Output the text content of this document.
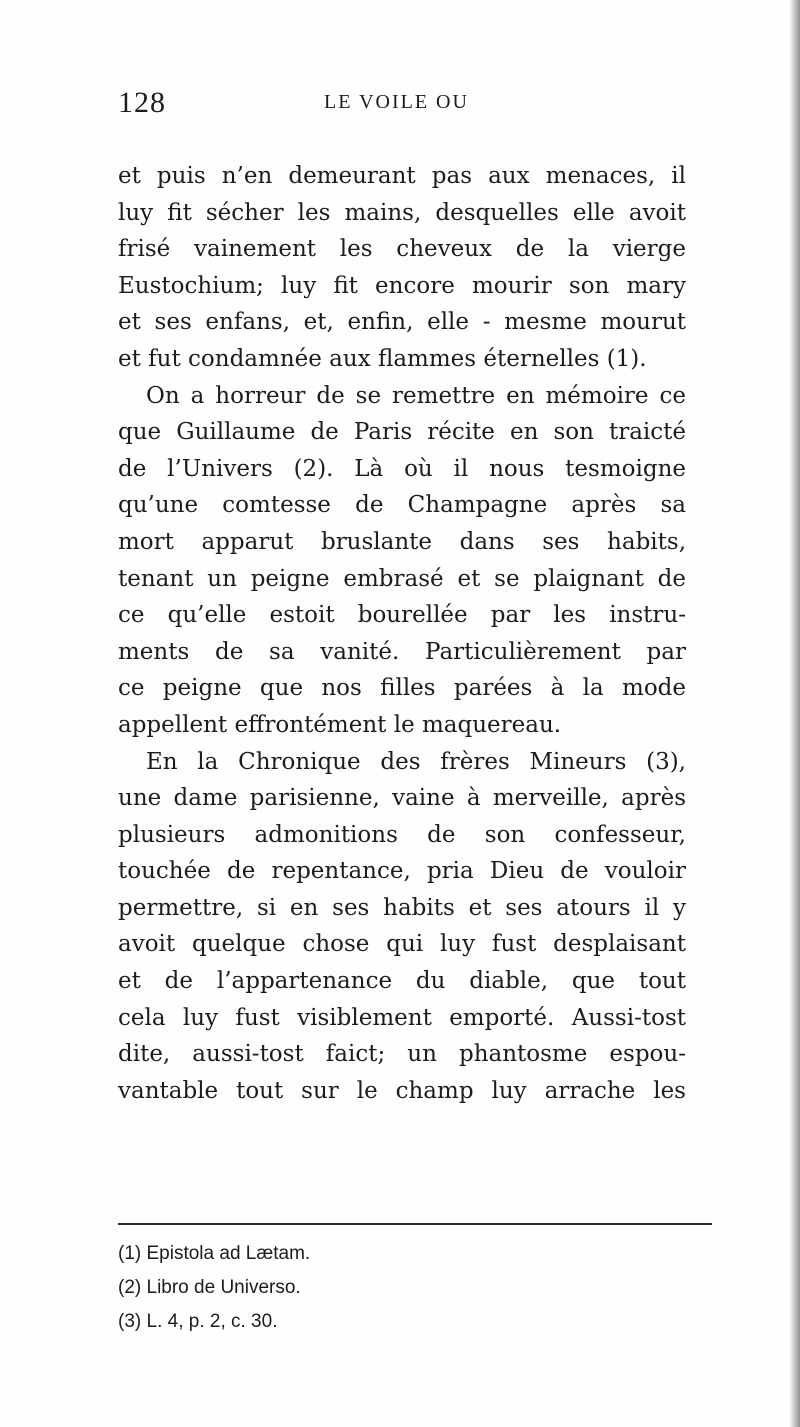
128	LE VOILE OU
et puis n’en demeurant pas aux menaces, il
luy fit sécher les mains, desquelles elle avoit
frisé vainement les cheveux de la vierge
Eustochium; luy fit encore mourir son mary
et ses enfans, et, enfin, elle - mesme mourut
et fut condamnée aux flammes éternelles (1).
On a horreur de se remettre en mémoire ce
que Guillaume de Paris récite en son traicté
de l’Univers (2). Là où il nous tesmoigne
qu’une comtesse de Champagne après sa
mort apparut bruslante dans ses habits,
tenant un peigne embrasé et se plaignant de
ce qu’elle estoit bourellée par les instru-
ments de sa vanité. Particulièrement par
ce peigne que nos filles parées à la mode
appellent effrontément le maquereau.
En la Chronique des frères Mineurs (3),
une dame parisienne, vaine à merveille, après
plusieurs admonitions de son confesseur,
touchée de repentance, pria Dieu de vouloir
permettre, si en ses habits et ses atours il y
avoit quelque chose qui luy fust desplaisant
et de l’appartenance du diable, que tout
cela luy fust visiblement emporté. Aussi-tost
dite, aussi-tost faict; un phantosme espou-
vantable tout sur le champ luy arrache les
(1) Epistola ad Lætam.
(2) Libro de Universo.
(3) L. 4, p. 2, c. 30.
